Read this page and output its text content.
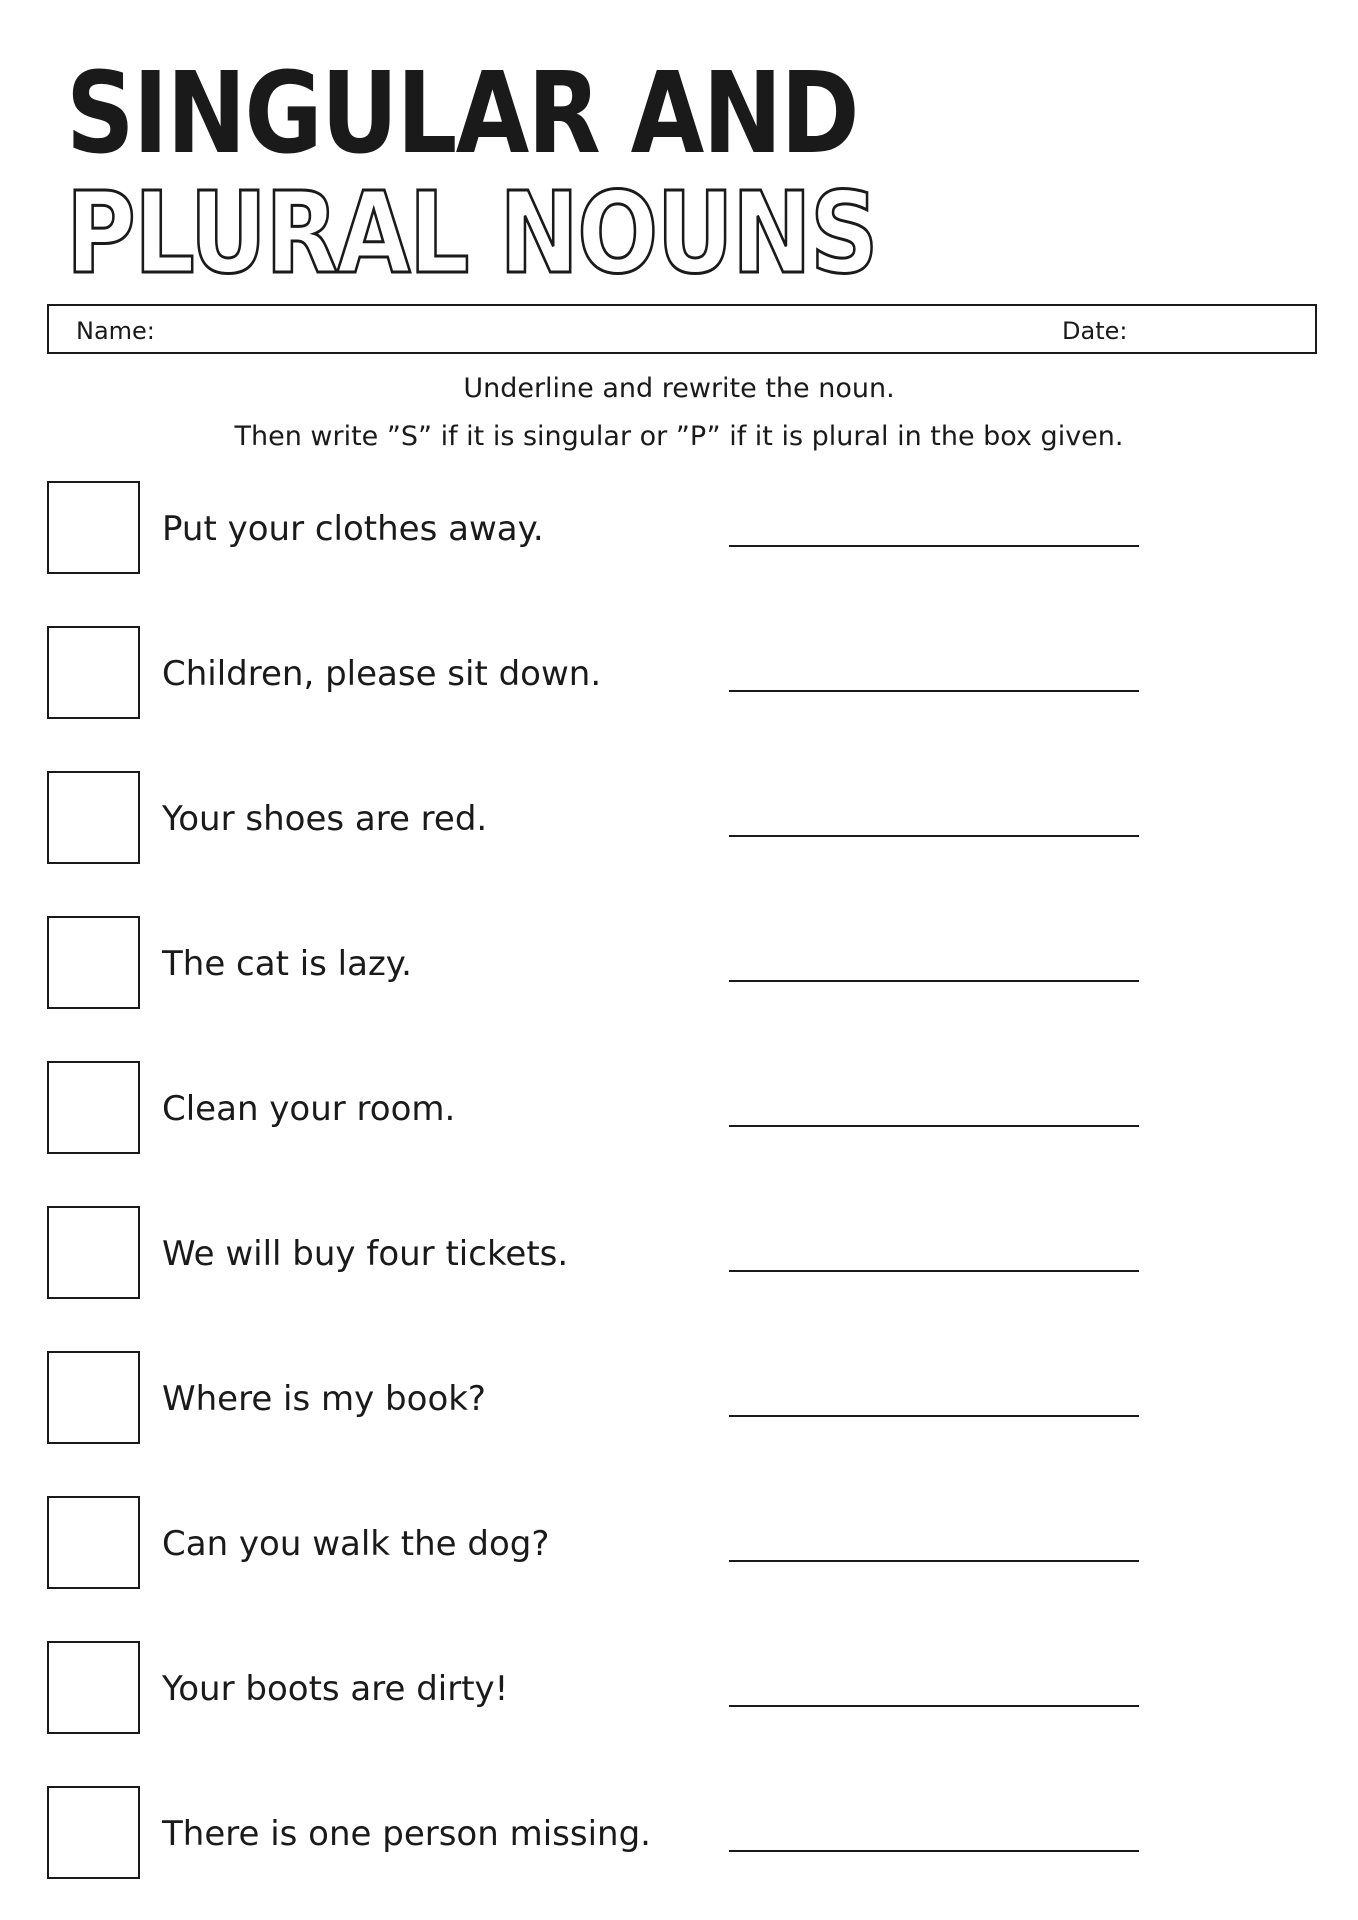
SINGULAR AND
PLURAL NOUNS
Name:	Date:
Underline and rewrite the noun.
Then write ”S” if it is singular or ”P” if it is plural in the box given.
Put your clothes away.
Children, please sit down.
Your shoes are red.
The cat is lazy.
Clean your room.
We will buy four tickets.
Where is my book?
Can you walk the dog?
Your boots are dirty!
There is one person missing.
